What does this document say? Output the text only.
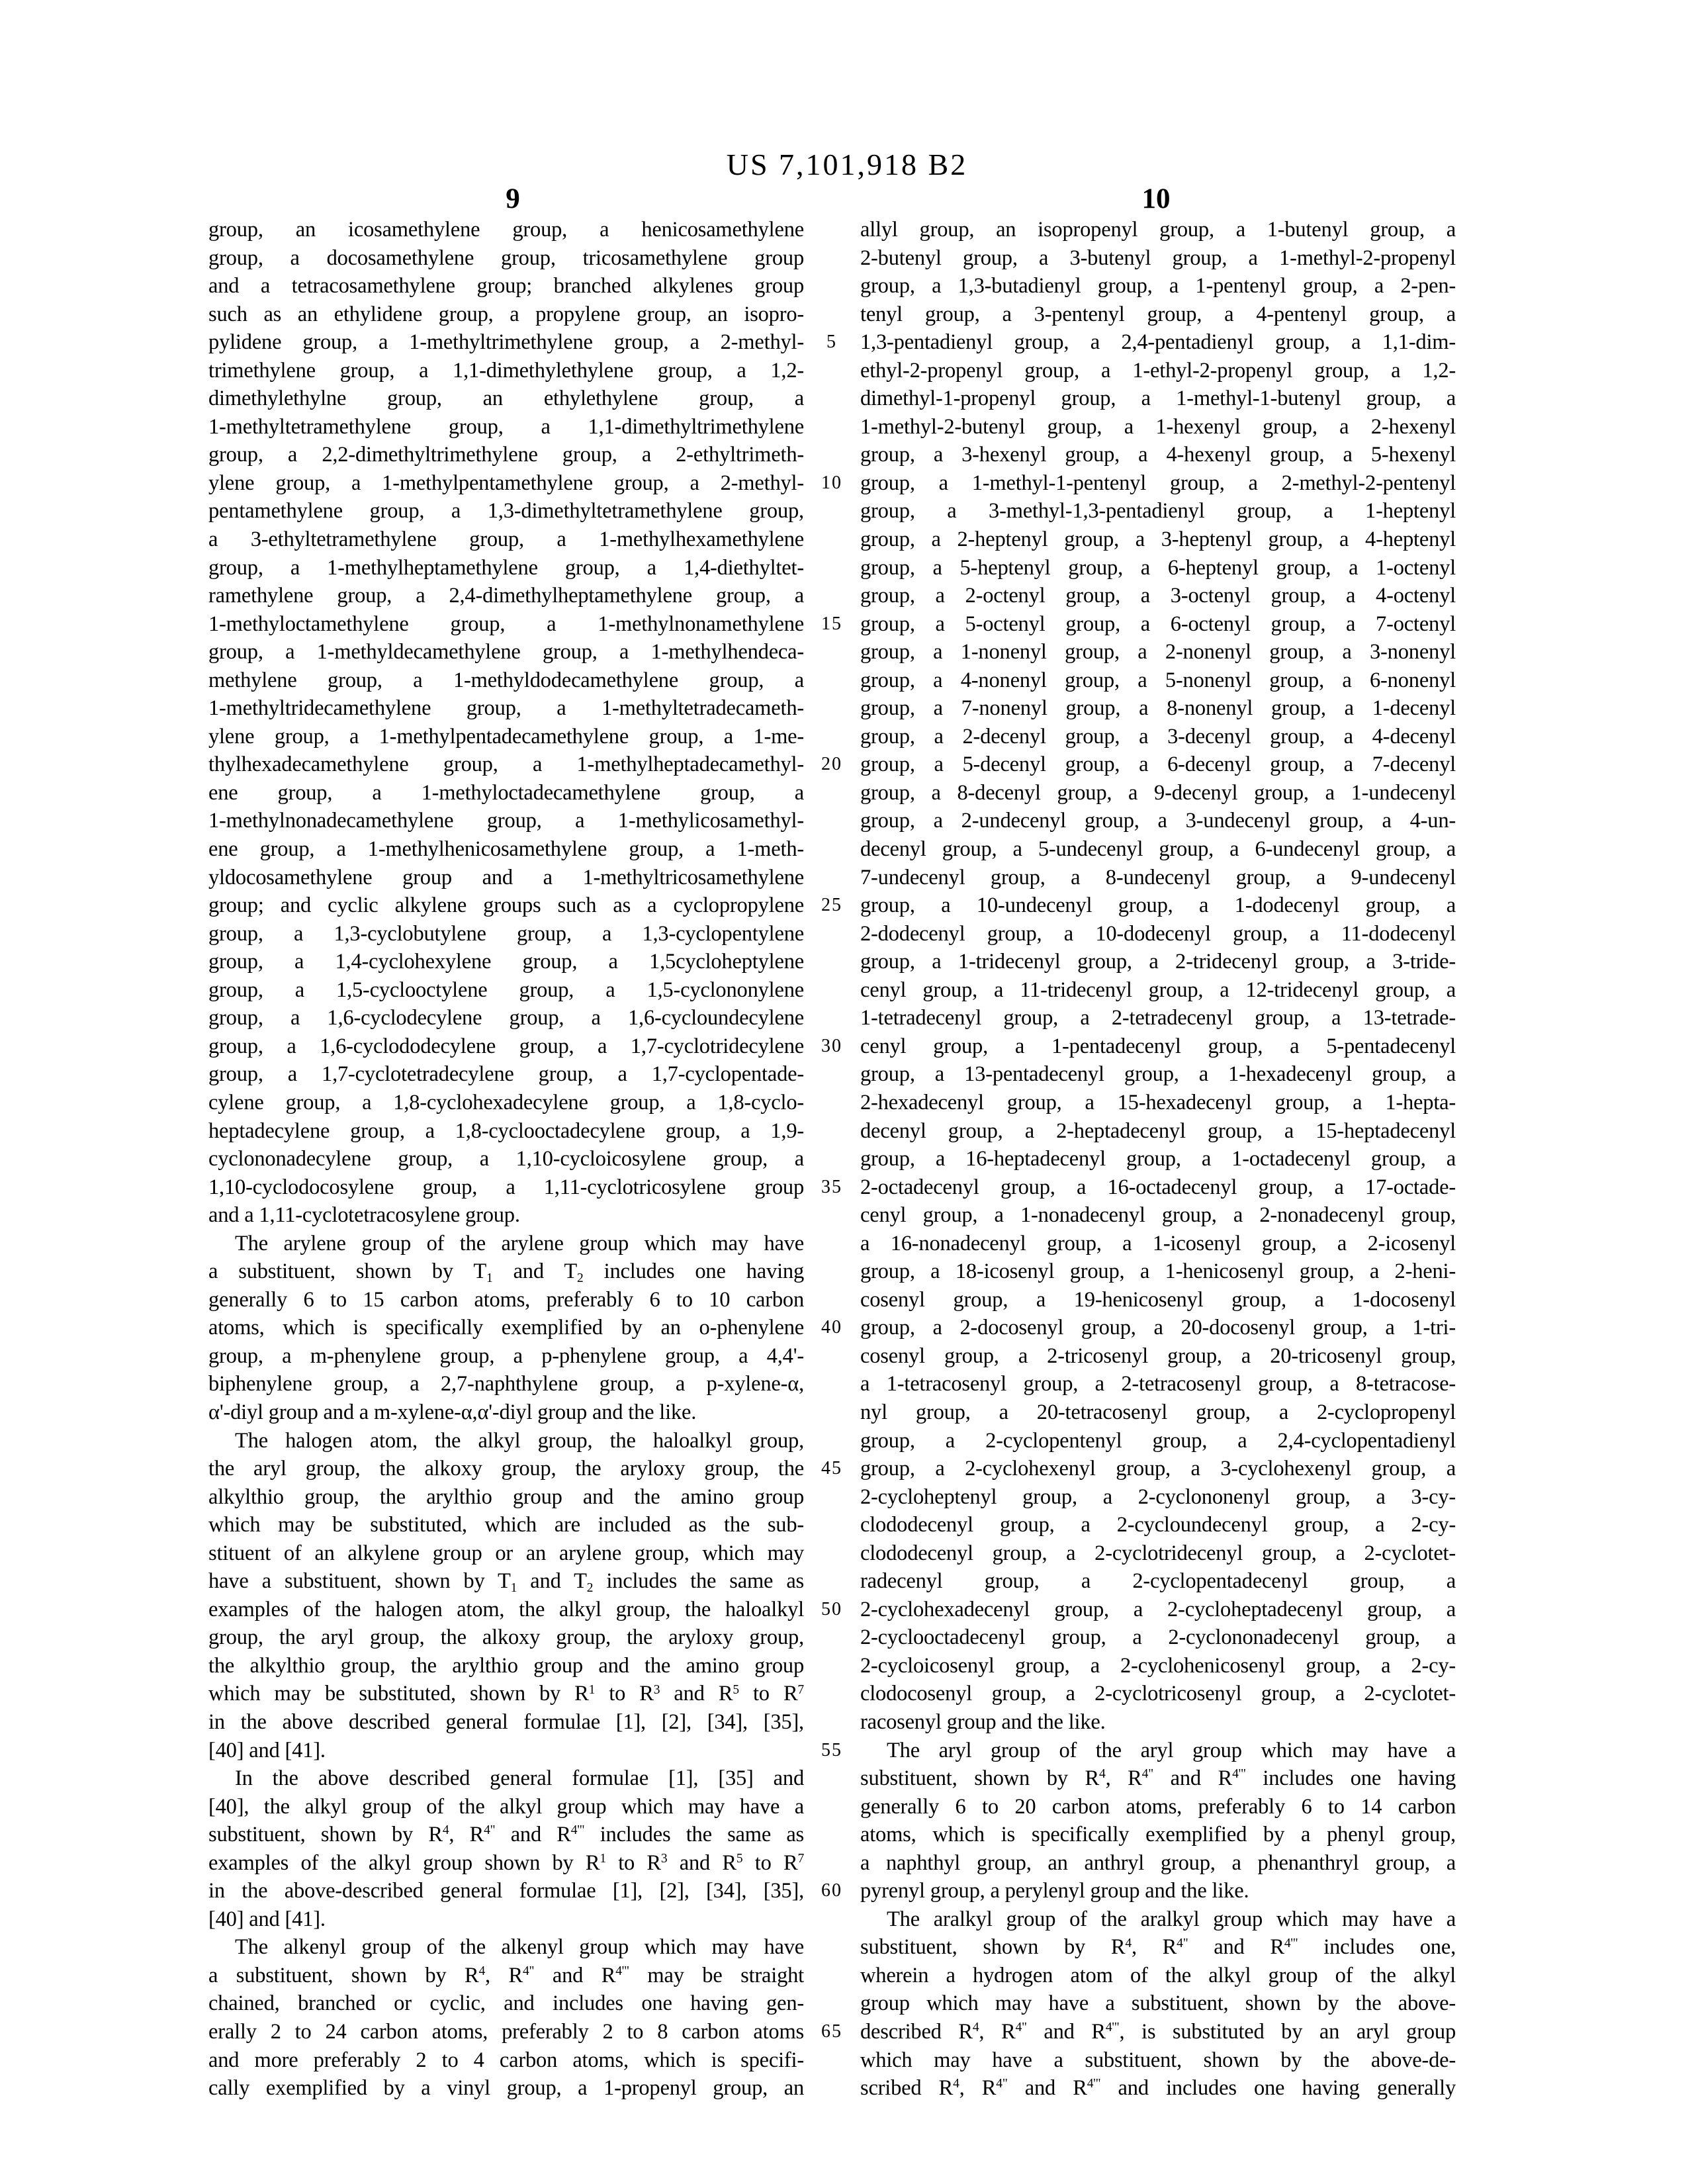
US 7,101,918 B2
9	10
group, an icosamethylene group, a henicosamethylene
group, a docosamethylene group, tricosamethylene group
and a tetracosamethylene group; branched alkylenes group
such as an ethylidene group, a propylene group, an isopro-
pylidene group, a 1-methyltrimethylene group, a 2-methyl-
trimethylene group, a 1,1-dimethylethylene group, a 1,2-
dimethylethylne group, an ethylethylene group, a
1-methyltetramethylene group, a 1,1-dimethyltrimethylene
group, a 2,2-dimethyltrimethylene group, a 2-ethyltrimeth-
ylene group, a 1-methylpentamethylene group, a 2-methyl-
pentamethylene group, a 1,3-dimethyltetramethylene group,
a 3-ethyltetramethylene group, a 1-methylhexamethylene
group, a 1-methylheptamethylene group, a 1,4-diethyltet-
ramethylene group, a 2,4-dimethylheptamethylene group, a
1-methyloctamethylene group, a 1-methylnonamethylene
group, a 1-methyldecamethylene group, a 1-methylhendeca-
methylene group, a 1-methyldodecamethylene group, a
1-methyltridecamethylene group, a 1-methyltetradecameth-
ylene group, a 1-methylpentadecamethylene group, a 1-me-
thylhexadecamethylene group, a 1-methylheptadecamethyl-
ene group, a 1-methyloctadecamethylene group, a
1-methylnonadecamethylene group, a 1-methylicosamethyl-
ene group, a 1-methylhenicosamethylene group, a 1-meth-
yldocosamethylene group and a 1-methyltricosamethylene
group; and cyclic alkylene groups such as a cyclopropylene
group, a 1,3-cyclobutylene group, a 1,3-cyclopentylene
group, a 1,4-cyclohexylene group, a 1,5cycloheptylene
group, a 1,5-cyclooctylene group, a 1,5-cyclononylene
group, a 1,6-cyclodecylene group, a 1,6-cycloundecylene
group, a 1,6-cyclododecylene group, a 1,7-cyclotridecylene
group, a 1,7-cyclotetradecylene group, a 1,7-cyclopentade-
cylene group, a 1,8-cyclohexadecylene group, a 1,8-cyclo-
heptadecylene group, a 1,8-cyclooctadecylene group, a 1,9-
cyclononadecylene group, a 1,10-cycloicosylene group, a
1,10-cyclodocosylene group, a 1,11-cyclotricosylene group
and a 1,11-cyclotetracosylene group.
The arylene group of the arylene group which may have
a substituent, shown by $T_1$ and $T_2$ includes one having
generally 6 to 15 carbon atoms, preferably 6 to 10 carbon
atoms, which is specifically exemplified by an o-phenylene
group, a m-phenylene group, a p-phenylene group, a 4,4'-
biphenylene group, a 2,7-naphthylene group, a p-xylene-α,
α'-diyl group and a m-xylene-α,α'-diyl group and the like.
The halogen atom, the alkyl group, the haloalkyl group,
the aryl group, the alkoxy group, the aryloxy group, the
alkylthio group, the arylthio group and the amino group
which may be substituted, which are included as the sub-
stituent of an alkylene group or an arylene group, which may
have a substituent, shown by $T_1$ and $T_2$ includes the same as
examples of the halogen atom, the alkyl group, the haloalkyl
group, the aryl group, the alkoxy group, the aryloxy group,
the alkylthio group, the arylthio group and the amino group
which may be substituted, shown by $R^1$ to $R^3$ and $R^5$ to $R^7$
in the above described general formulae [1], [2], [34], [35],
[40] and [41].
In the above described general formulae [1], [35] and
[40], the alkyl group of the alkyl group which may have a
substituent, shown by $R^4$, $R^{4"}$ and $R^{4'"}$ includes the same as
examples of the alkyl group shown by $R^1$ to $R^3$ and $R^5$ to $R^7$
in the above-described general formulae [1], [2], [34], [35],
[40] and [41].
The alkenyl group of the alkenyl group which may have
a substituent, shown by $R^4$, $R^{4"}$ and $R^{4'"}$ may be straight
chained, branched or cyclic, and includes one having gen-
erally 2 to 24 carbon atoms, preferably 2 to 8 carbon atoms
and more preferably 2 to 4 carbon atoms, which is specifi-
cally exemplified by a vinyl group, a 1-propenyl group, an
allyl group, an isopropenyl group, a 1-butenyl group, a
2-butenyl group, a 3-butenyl group, a 1-methyl-2-propenyl
group, a 1,3-butadienyl group, a 1-pentenyl group, a 2-pen-
tenyl group, a 3-pentenyl group, a 4-pentenyl group, a
1,3-pentadienyl group, a 2,4-pentadienyl group, a 1,1-dim-
ethyl-2-propenyl group, a 1-ethyl-2-propenyl group, a 1,2-
dimethyl-1-propenyl group, a 1-methyl-1-butenyl group, a
1-methyl-2-butenyl group, a 1-hexenyl group, a 2-hexenyl
group, a 3-hexenyl group, a 4-hexenyl group, a 5-hexenyl
group, a 1-methyl-1-pentenyl group, a 2-methyl-2-pentenyl
group, a 3-methyl-1,3-pentadienyl group, a 1-heptenyl
group, a 2-heptenyl group, a 3-heptenyl group, a 4-heptenyl
group, a 5-heptenyl group, a 6-heptenyl group, a 1-octenyl
group, a 2-octenyl group, a 3-octenyl group, a 4-octenyl
group, a 5-octenyl group, a 6-octenyl group, a 7-octenyl
group, a 1-nonenyl group, a 2-nonenyl group, a 3-nonenyl
group, a 4-nonenyl group, a 5-nonenyl group, a 6-nonenyl
group, a 7-nonenyl group, a 8-nonenyl group, a 1-decenyl
group, a 2-decenyl group, a 3-decenyl group, a 4-decenyl
group, a 5-decenyl group, a 6-decenyl group, a 7-decenyl
group, a 8-decenyl group, a 9-decenyl group, a 1-undecenyl
group, a 2-undecenyl group, a 3-undecenyl group, a 4-un-
decenyl group, a 5-undecenyl group, a 6-undecenyl group, a
7-undecenyl group, a 8-undecenyl group, a 9-undecenyl
group, a 10-undecenyl group, a 1-dodecenyl group, a
2-dodecenyl group, a 10-dodecenyl group, a 11-dodecenyl
group, a 1-tridecenyl group, a 2-tridecenyl group, a 3-tride-
cenyl group, a 11-tridecenyl group, a 12-tridecenyl group, a
1-tetradecenyl group, a 2-tetradecenyl group, a 13-tetrade-
cenyl group, a 1-pentadecenyl group, a 5-pentadecenyl
group, a 13-pentadecenyl group, a 1-hexadecenyl group, a
2-hexadecenyl group, a 15-hexadecenyl group, a 1-hepta-
decenyl group, a 2-heptadecenyl group, a 15-heptadecenyl
group, a 16-heptadecenyl group, a 1-octadecenyl group, a
2-octadecenyl group, a 16-octadecenyl group, a 17-octade-
cenyl group, a 1-nonadecenyl group, a 2-nonadecenyl group,
a 16-nonadecenyl group, a 1-icosenyl group, a 2-icosenyl
group, a 18-icosenyl group, a 1-henicosenyl group, a 2-heni-
cosenyl group, a 19-henicosenyl group, a 1-docosenyl
group, a 2-docosenyl group, a 20-docosenyl group, a 1-tri-
cosenyl group, a 2-tricosenyl group, a 20-tricosenyl group,
a 1-tetracosenyl group, a 2-tetracosenyl group, a 8-tetracose-
nyl group, a 20-tetracosenyl group, a 2-cyclopropenyl
group, a 2-cyclopentenyl group, a 2,4-cyclopentadienyl
group, a 2-cyclohexenyl group, a 3-cyclohexenyl group, a
2-cycloheptenyl group, a 2-cyclononenyl group, a 3-cy-
clododecenyl group, a 2-cycloundecenyl group, a 2-cy-
clododecenyl group, a 2-cyclotridecenyl group, a 2-cyclotet-
radecenyl group, a 2-cyclopentadecenyl group, a
2-cyclohexadecenyl group, a 2-cycloheptadecenyl group, a
2-cyclooctadecenyl group, a 2-cyclononadecenyl group, a
2-cycloicosenyl group, a 2-cyclohenicosenyl group, a 2-cy-
clodocosenyl group, a 2-cyclotricosenyl group, a 2-cyclotet-
racosenyl group and the like.
The aryl group of the aryl group which may have a
substituent, shown by $R^4$, $R^{4"}$ and $R^{4'"}$ includes one having
generally 6 to 20 carbon atoms, preferably 6 to 14 carbon
atoms, which is specifically exemplified by a phenyl group,
a naphthyl group, an anthryl group, a phenanthryl group, a
pyrenyl group, a perylenyl group and the like.
The aralkyl group of the aralkyl group which may have a
substituent, shown by $R^4$, $R^{4"}$ and $R^{4'"}$ includes one,
wherein a hydrogen atom of the alkyl group of the alkyl
group which may have a substituent, shown by the above-
described $R^4$, $R^{4"}$ and $R^{4'"}$, is substituted by an aryl group
which may have a substituent, shown by the above-de-
scribed $R^4$, $R^{4"}$ and $R^{4'"}$ and includes one having generally
5
10
15
20
25
30
35
40
45
50
55
60
65
